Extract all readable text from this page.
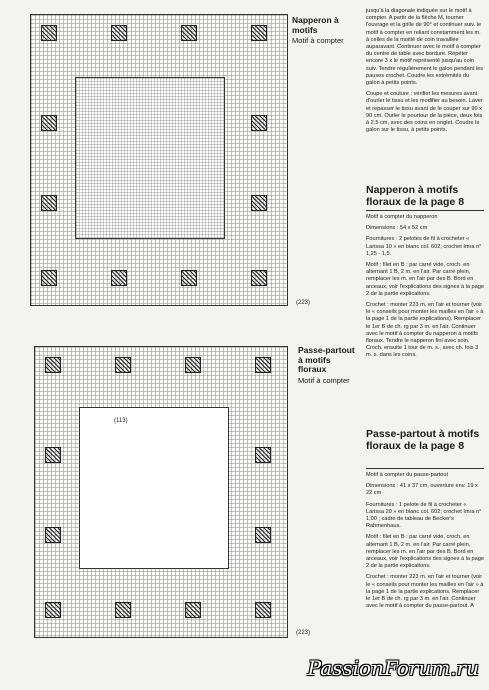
(223)
Napperon à motifs
Motif à compter
(113)
(223)
Passe-partout à motifs floraux
Motif à compter

jusqu'à la diagonale indiquée sur le motif à compter. A partir de la flèche M, tourner l'ouvrage et la grille de 90° et continuer suiv. le motif à compter en reliant constamment les m. à celles de la moitié de coin travaillée auparavant. Continuer avec le motif à compter du centre de table avec bordure. Répéter encore 3 x le motif représenté jusqu'au coin suiv. Tendre régulièrement le galon pendant les pauses crochet. Coudre les extrémités du galon à petits points.

Coupe et couture : vérifier les mesures avant d'ourler le tissu et les modifier au besoin. Laver et repasser le tissu avant de le couper sur 90 x 90 cm. Ourler le pourtour de la pièce, deux fois à 2,5 cm, avec des coins en onglet. Coudre le galon sur le tissu, à petits points.

Napperon à motifs floraux de la page 8

Motif à compter du napperon

Dimensions : 54 x 52 cm

Fournitures : 2 pelotes de fil à crocheter « Larissa 10 » en blanc col. 602; crochet Imra n° 1,25 - 1,5.

Motif : filet en B : par carré vide, croch. en alternant 1 B, 2 m. en l'air. Par carré plein, remplacer les m. en l'air par des B. Bord en arceaux, voir l'explications des signes à la page 2 de la partie explications.

Crochet : monter 223 m. en l'air et tourner (voir le « conseils pour monter les mailles en l'air » à la page 1 de la partie explications). Remplacer le 1er B de ch. rg par 3 m. en l'air. Continuer avec le motif à compter du napperon à motifs floraux. Tendre le napperon fini avec soin. Croch. ensuite 1 tour de m. s., avec ch. fois 3 m. s. dans les coins.

Passe-partout à motifs floraux de la page 8

Motif à compter du passe-partout

Dimensions : 41 x 37 cm, ouverture env. 19 x 22 cm

Fournitures : 1 pelote de fil à crocheter « Larissa 20 » en blanc col. 602; crochet Imra n° 1,00 ; cadre de tableau de Becker's Rahmenhaus.

Motif : filet en B : par carré vide, croch. en alternant 1 B, 2 m. en l'air. Par carré plein, remplacer les m. en l'air par des B. Bord en arceaux, voir l'explications des signes à la page 2 de la partie explications.

Crochet : monter 223 m. en l'air et tourner (voir le « conseils pour monter les mailles en l'air » à la page 1 de la partie explications. Remplacer le 1er B de ch. rg par 3 m. en l'air. Continuer avec le motif à compter du passe-partout. A

PassionForum.ru
